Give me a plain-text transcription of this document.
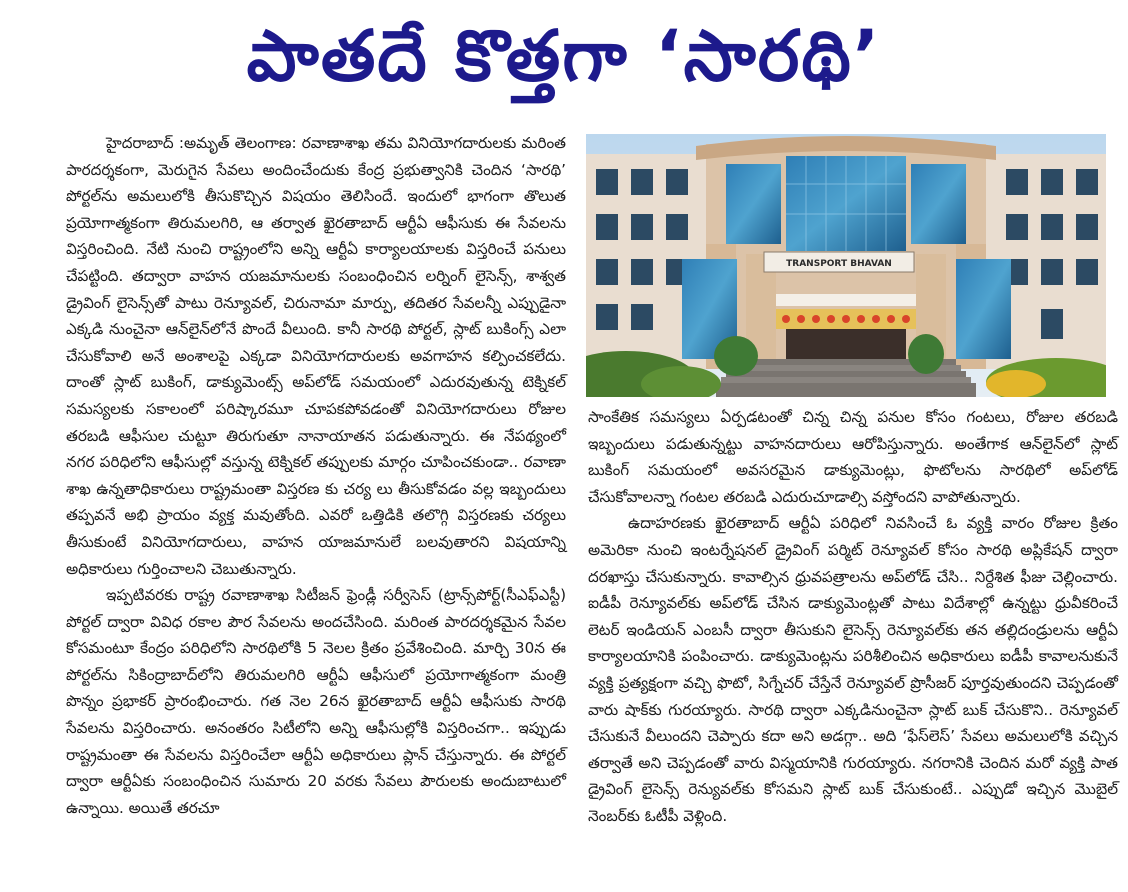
పాతదే కొత్తగా ‘సారథి’

హైదరాబాద్ :అమృత్ తెలంగాణ: రవాణాశాఖ తమ వినియోగదారులకు మరింత పారదర్శకంగా, మెరుగైన సేవలు అందించేందుకు కేంద్ర ప్రభుత్వానికి చెందిన ‘సారథి’ పోర్టల్‌ను అమలులోకి తీసుకొచ్చిన విషయం తెలిసిందే. ఇందులో భాగంగా తొలుత ప్రయోగాత్మకంగా తిరుమలగిరి, ఆ తర్వాత ఖైరతాబాద్ ఆర్టీఏ ఆఫీసుకు ఈ సేవలను విస్తరించింది. నేటి నుంచి రాష్ట్రంలోని అన్ని ఆర్టీఏ కార్యాలయాలకు విస్తరించే పనులు చేపట్టింది. తద్వారా వాహన యజమానులకు సంబంధించిన లర్నింగ్ లైసెన్స్, శాశ్వత డ్రైవింగ్ లైసెన్స్‌తో పాటు రెన్యూవల్, చిరునామా మార్పు, తదితర సేవలన్నీ ఎప్పుడైనా ఎక్కడి నుంచైనా ఆన్‌లైన్‌లోనే పొందే వీలుంది. కానీ సారథి పోర్టల్, స్లాట్ బుకింగ్స్ ఎలా చేసుకోవాలి అనే అంశాలపై ఎక్కడా వినియోగదారులకు అవగాహన కల్పించకలేదు. దాంతో స్లాట్ బుకింగ్, డాక్యుమెంట్స్ అప్‌లోడ్ సమయంలో ఎదురవుతున్న టెక్నికల్ సమస్యలకు సకాలంలో పరిష్కారమూ చూపకపోవడంతో వినియోగదారులు రోజుల తరబడి ఆఫీసుల చుట్టూ తిరుగుతూ నానాయాతన పడుతున్నారు. ఈ నేపథ్యంలో నగర పరిధిలోని ఆఫీసుల్లో వస్తున్న టెక్నికల్ తప్పులకు మార్గం చూపించకుండా.. రవాణా శాఖ ఉన్నతాధికారులు రాష్ట్రమంతా విస్తరణ కు చర్య లు తీసుకోవడం వల్ల ఇబ్బందులు తప్పవనే అభి ప్రాయం వ్యక్త మవుతోంది. ఎవరో ఒత్తిడికి తలొగ్గి విస్తరణకు చర్యలు తీసుకుంటే వినియోగదారులు, వాహన యాజమానులే బలవుతారని విషయాన్ని అధికారులు గుర్తించాలని చెబుతున్నారు.

ఇప్పటివరకు రాష్ట్ర రవాణాశాఖ సిటీజన్ ఫ్రెండ్లీ సర్వీసెస్ (ట్రాన్స్‌పోర్ట్(సీఎఫ్ఎస్టీ) పోర్టల్ ద్వారా వివిధ రకాల పౌర సేవలను అందచేసింది. మరింత పారదర్శకమైన సేవల కోసమంటూ కేంద్రం పరిధిలోని సారథిలోకి 5 నెలల క్రితం ప్రవేశించింది. మార్చి 30న ఈ పోర్టల్‌ను సికింద్రాబాద్‌లోని తిరుమలగిరి ఆర్టీఏ ఆఫీసులో ప్రయోగాత్మకంగా మంత్రి పొన్నం ప్రభాకర్ ప్రారంభించారు. గత నెల 26న ఖైరతాబాద్ ఆర్టీఏ ఆఫీసుకు సారథి సేవలను విస్తరించారు. అనంతరం సిటీలోని అన్ని ఆఫీసుల్లోకి విస్తరించగా.. ఇప్పుడు రాష్ట్రమంతా ఈ సేవలను విస్తరించేలా ఆర్టీఏ అధికారులు ప్లాన్ చేస్తున్నారు. ఈ పోర్టల్ ద్వారా ఆర్టీఏకు సంబంధించిన సుమారు 20 వరకు సేవలు పౌరులకు అందుబాటులో ఉన్నాయి. అయితే తరచూ

TRANSPORT BHAVAN

సాంకేతిక సమస్యలు ఏర్పడటంతో చిన్న చిన్న పనుల కోసం గంటలు, రోజుల తరబడి ఇబ్బందులు పడుతున్నట్టు వాహనదారులు ఆరోపిస్తున్నారు. అంతేగాక ఆన్‌లైన్‌లో స్లాట్ బుకింగ్ సమయంలో అవసరమైన డాక్యుమెంట్లు, ఫొటోలను సారథిలో అప్‌లోడ్ చేసుకోవాలన్నా గంటల తరబడి ఎదురుచూడాల్సి వస్తోందని వాపోతున్నారు.

ఉదాహరణకు ఖైరతాబాద్ ఆర్టీఏ పరిధిలో నివసించే ఓ వ్యక్తి వారం రోజుల క్రితం అమెరికా నుంచి ఇంటర్నేషనల్ డ్రైవింగ్ పర్మిట్ రెన్యూవల్ కోసం సారథి అప్లికేషన్ ద్వారా దరఖాస్తు చేసుకున్నారు. కావాల్సిన ధ్రువపత్రాలను అప్‌లోడ్ చేసి.. నిర్దేశిత ఫీజు చెల్లించారు. ఐడీపీ రెన్యూవల్‌కు అప్‌లోడ్ చేసిన డాక్యుమెంట్లతో పాటు విదేశాల్లో ఉన్నట్టు ధ్రువీకరించే లెటర్ ఇండియన్ ఎంబసీ ద్వారా తీసుకుని లైసెన్స్ రెన్యూవల్‌కు తన తల్లిదండ్రులను ఆర్టీఏ కార్యాలయానికి పంపించారు. డాక్యుమెంట్లను పరిశీలించిన అధికారులు ఐడీపీ కావాలనుకునే వ్యక్తి ప్రత్యక్షంగా వచ్చి ఫొటో, సిగ్నేచర్ చేస్తేనే రెన్యూవల్ ప్రొసీజర్ పూర్తవుతుందని చెప్పడంతో వారు షాక్‌కు గురయ్యారు. సారథి ద్వారా ఎక్కడినుంచైనా స్లాట్ బుక్ చేసుకొని.. రెన్యూవల్ చేసుకునే వీలుందని చెప్పారు కదా అని అడగ్గా.. అది ‘ఫేస్‌లెస్’ సేవలు అమలులోకి వచ్చిన తర్వాతే అని చెప్పడంతో వారు విస్మయానికి గురయ్యారు. నగరానికి చెందిన మరో వ్యక్తి పాత డ్రైవింగ్ లైసెన్స్ రెన్యువల్‌కు కోసమని స్లాట్ బుక్ చేసుకుంటే.. ఎప్పుడో ఇచ్చిన మొబైల్ నెంబర్‌కు ఓటీపీ వెళ్లింది.
